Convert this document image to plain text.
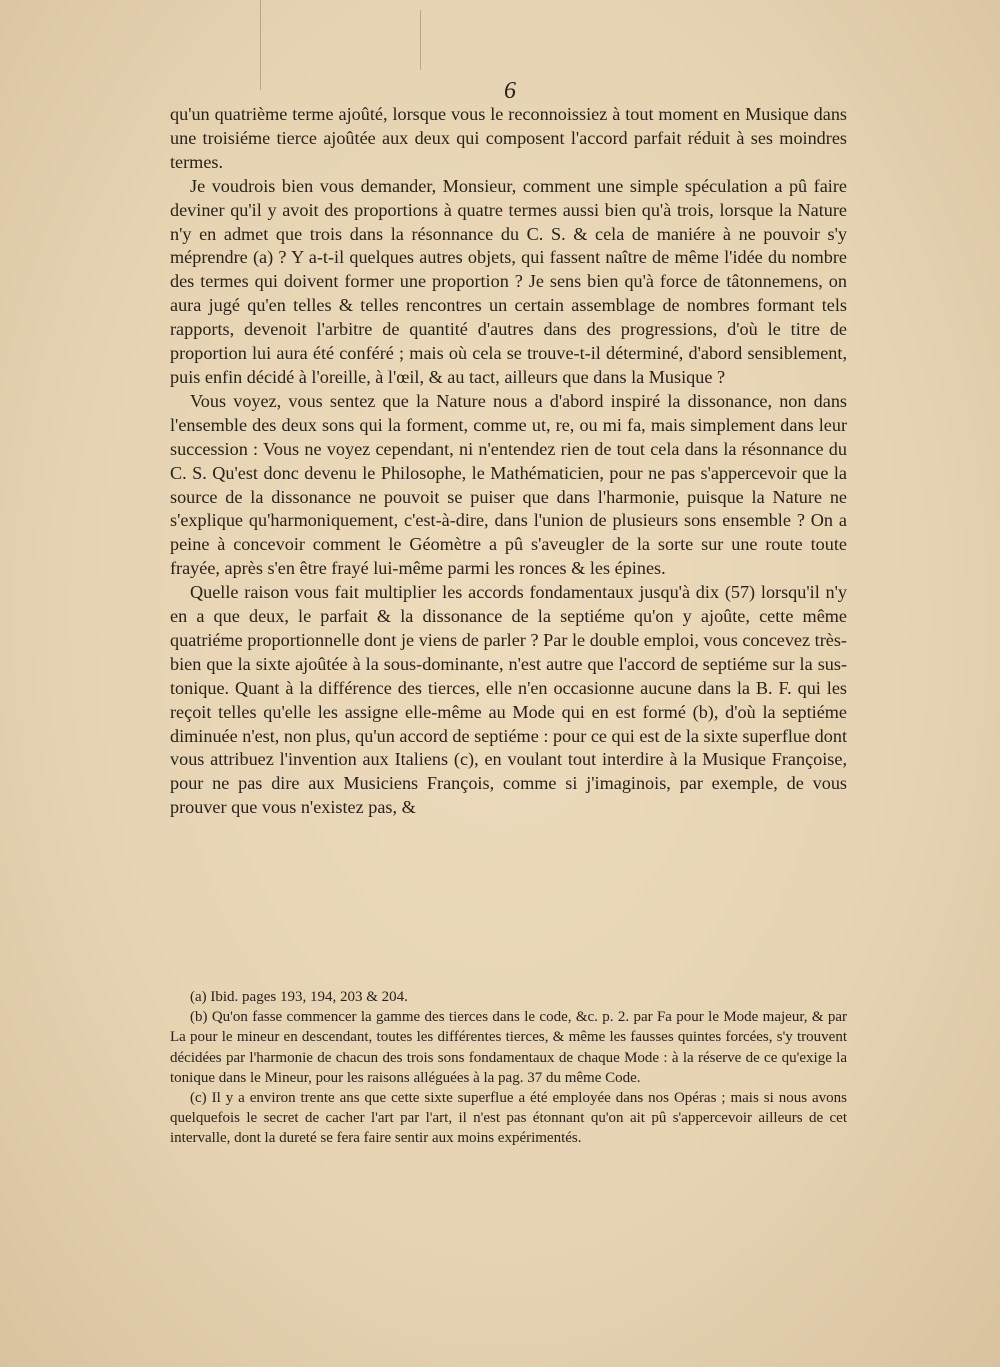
6

qu'un quatrième terme ajoûté, lorsque vous le reconnoissiez à tout moment en Musique dans une troisiéme tierce ajoûtée aux deux qui composent l'accord parfait réduit à ses moindres termes.

Je voudrois bien vous demander, Monsieur, comment une simple spéculation a pû faire deviner qu'il y avoit des proportions à quatre termes aussi bien qu'à trois, lorsque la Nature n'y en admet que trois dans la résonnance du C. S. & cela de maniére à ne pouvoir s'y méprendre (a) ? Y a-t-il quelques autres objets, qui fassent naître de même l'idée du nombre des termes qui doivent former une proportion ? Je sens bien qu'à force de tâtonnemens, on aura jugé qu'en telles & telles rencontres un certain assemblage de nombres formant tels rapports, devenoit l'arbitre de quantité d'autres dans des progressions, d'où le titre de proportion lui aura été conféré ; mais où cela se trouve-t-il déterminé, d'abord sensiblement, puis enfin décidé à l'oreille, à l'œil, & au tact, ailleurs que dans la Musique ?

Vous voyez, vous sentez que la Nature nous a d'abord inspiré la dissonance, non dans l'ensemble des deux sons qui la forment, comme ut, re, ou mi fa, mais simplement dans leur succession : Vous ne voyez cependant, ni n'entendez rien de tout cela dans la résonnance du C. S. Qu'est donc devenu le Philosophe, le Mathématicien, pour ne pas s'appercevoir que la source de la dissonance ne pouvoit se puiser que dans l'harmonie, puisque la Nature ne s'explique qu'harmoniquement, c'est-à-dire, dans l'union de plusieurs sons ensemble ? On a peine à concevoir comment le Géomètre a pû s'aveugler de la sorte sur une route toute frayée, après s'en être frayé lui-même parmi les ronces & les épines.

Quelle raison vous fait multiplier les accords fondamentaux jusqu'à dix (57) lorsqu'il n'y en a que deux, le parfait & la dissonance de la septiéme qu'on y ajoûte, cette même quatriéme proportionnelle dont je viens de parler ? Par le double emploi, vous concevez très-bien que la sixte ajoûtée à la sous-dominante, n'est autre que l'accord de septiéme sur la sus-tonique. Quant à la différence des tierces, elle n'en occasionne aucune dans la B. F. qui les reçoit telles qu'elle les assigne elle-même au Mode qui en est formé (b), d'où la septiéme diminuée n'est, non plus, qu'un accord de septiéme : pour ce qui est de la sixte superflue dont vous attribuez l'invention aux Italiens (c), en voulant tout interdire à la Musique Françoise, pour ne pas dire aux Musiciens François, comme si j'imaginois, par exemple, de vous prouver que vous n'existez pas, &

(a) Ibid. pages 193, 194, 203 & 204.

(b) Qu'on fasse commencer la gamme des tierces dans le code, &c. p. 2. par Fa pour le Mode majeur, & par La pour le mineur en descendant, toutes les différentes tierces, & même les fausses quintes forcées, s'y trouvent décidées par l'harmonie de chacun des trois sons fondamentaux de chaque Mode : à la réserve de ce qu'exige la tonique dans le Mineur, pour les raisons alléguées à la pag. 37 du même Code.

(c) Il y a environ trente ans que cette sixte superflue a été employée dans nos Opéras ; mais si nous avons quelquefois le secret de cacher l'art par l'art, il n'est pas étonnant qu'on ait pû s'appercevoir ailleurs de cet intervalle, dont la dureté se fera faire sentir aux moins expérimentés.
